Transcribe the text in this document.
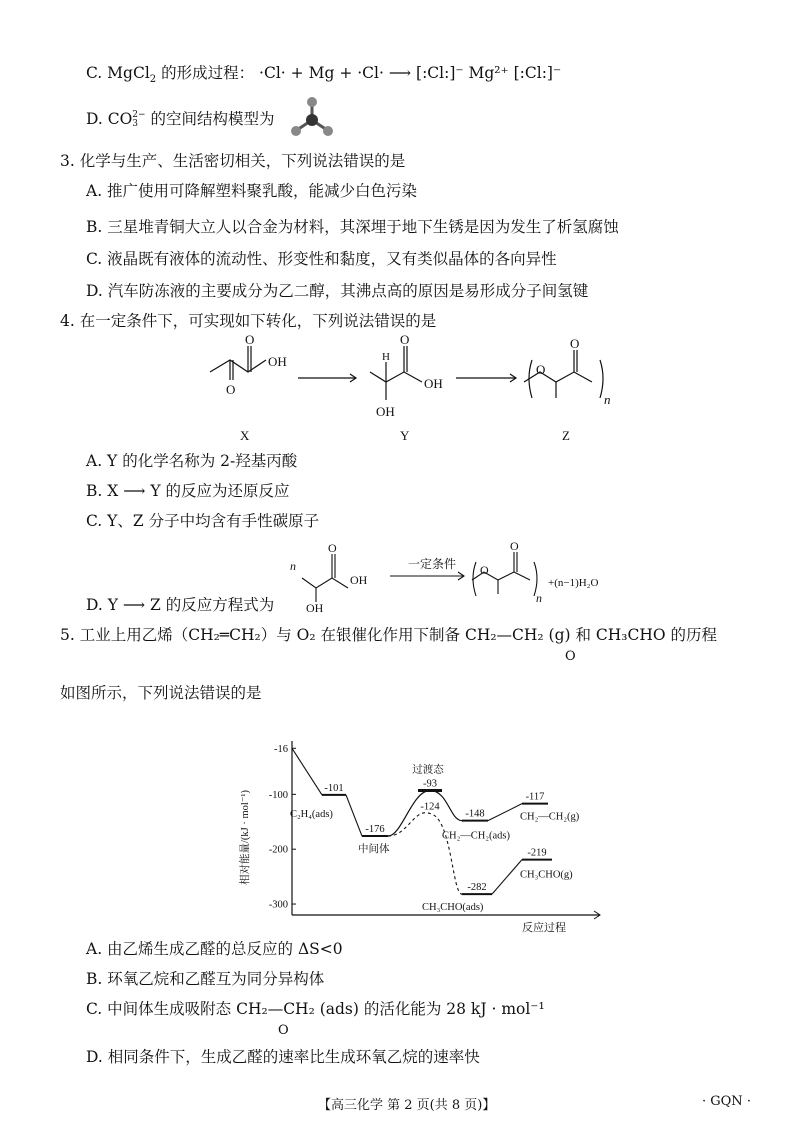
C. MgCl$_2$ 的形成过程： ·Cl· + Mg + ·Cl· ⟶ [:Cl:]⁻ Mg²⁺ [:Cl:]⁻
D. CO 2−
3 的空间结构模型为
3. 化学与生产、生活密切相关，下列说法错误的是
A. 推广使用可降解塑料聚乳酸，能减少白色污染
B. 三星堆青铜大立人以合金为材料，其深埋于地下生锈是因为发生了析氢腐蚀
C. 液晶既有液体的流动性、形变性和黏度，又有类似晶体的各向异性
D. 汽车防冻液的主要成分为乙二醇，其沸点高的原因是易形成分子间氢键
4. 在一定条件下，可实现如下转化，下列说法错误的是
O
O
OH
X
H
O
OH
OH
Y
O
O
n
Z
A. Y 的化学名称为 2-羟基丙酸
B. X ⟶ Y 的反应为还原反应
C. Y、Z 分子中均含有手性碳原子
D. Y ⟶ Z 的反应方程式为
n
O
OH
OH
一定条件 O
O
n
+(n−1)H₂O
5. 工业上用乙烯（CH₂═CH₂）与 O₂ 在银催化作用下制备 CH₂—CH₂ (g) 和 CH₃CHO 的历程
O
如图所示，下列说法错误的是
相对能量/(kJ · mol⁻¹)
反应过程
-16
-100
-200
-300
-101
-176
-93
过渡态
-124
-148
-117
-282
-219
C₂H₄(ads)
中间体
CH₂—CH₂(ads)
CH₂—CH₂(g)
CH₃CHO(ads)
CH₃CHO(g)
A. 由乙烯生成乙醛的总反应的 ΔS<0
B. 环氧乙烷和乙醛互为同分异构体
C. 中间体生成吸附态 CH₂—CH₂ (ads) 的活化能为 28 kJ · mol⁻¹
O
D. 相同条件下，生成乙醛的速率比生成环氧乙烷的速率快
【高三化学 第 2 页(共 8 页)】	· GQN ·
